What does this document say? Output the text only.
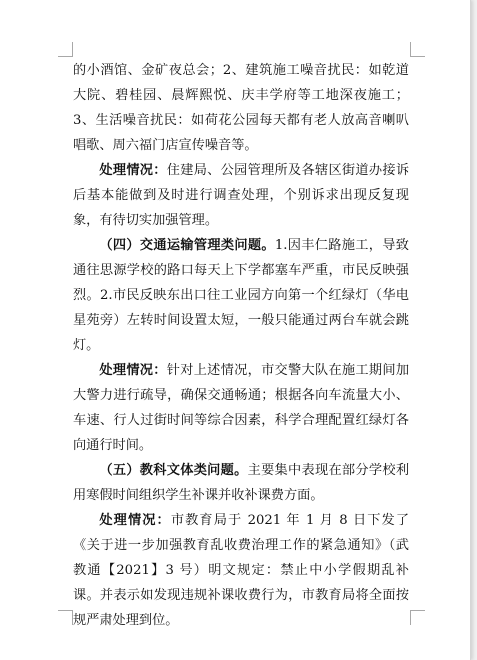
的小酒馆、金矿夜总会；2、建筑施工噪音扰民：如乾道大院、碧桂园、晨辉熙悦、庆丰学府等工地深夜施工；3、生活噪音扰民：如荷花公园每天都有老人放高音喇叭唱歌、周六福门店宣传噪音等。

处理情况：住建局、公园管理所及各辖区街道办接诉后基本能做到及时进行调查处理，个别诉求出现反复现象，有待切实加强管理。

（四）交通运输管理类问题。1.因丰仁路施工，导致通往思源学校的路口每天上下学都塞车严重，市民反映强烈。2.市民反映东出口往工业园方向第一个红绿灯（华电星苑旁）左转时间设置太短，一般只能通过两台车就会跳灯。

处理情况：针对上述情况，市交警大队在施工期间加大警力进行疏导，确保交通畅通；根据各向车流量大小、车速、行人过街时间等综合因素，科学合理配置红绿灯各向通行时间。

（五）教科文体类问题。主要集中表现在部分学校利用寒假时间组织学生补课并收补课费方面。

处理情况：市教育局于 2021 年 1 月 8 日下发了《关于进一步加强教育乱收费治理工作的紧急通知》（武教通【2021】3 号）明文规定：禁止中小学假期乱补课。并表示如发现违规补课收费行为，市教育局将全面按规严肃处理到位。
